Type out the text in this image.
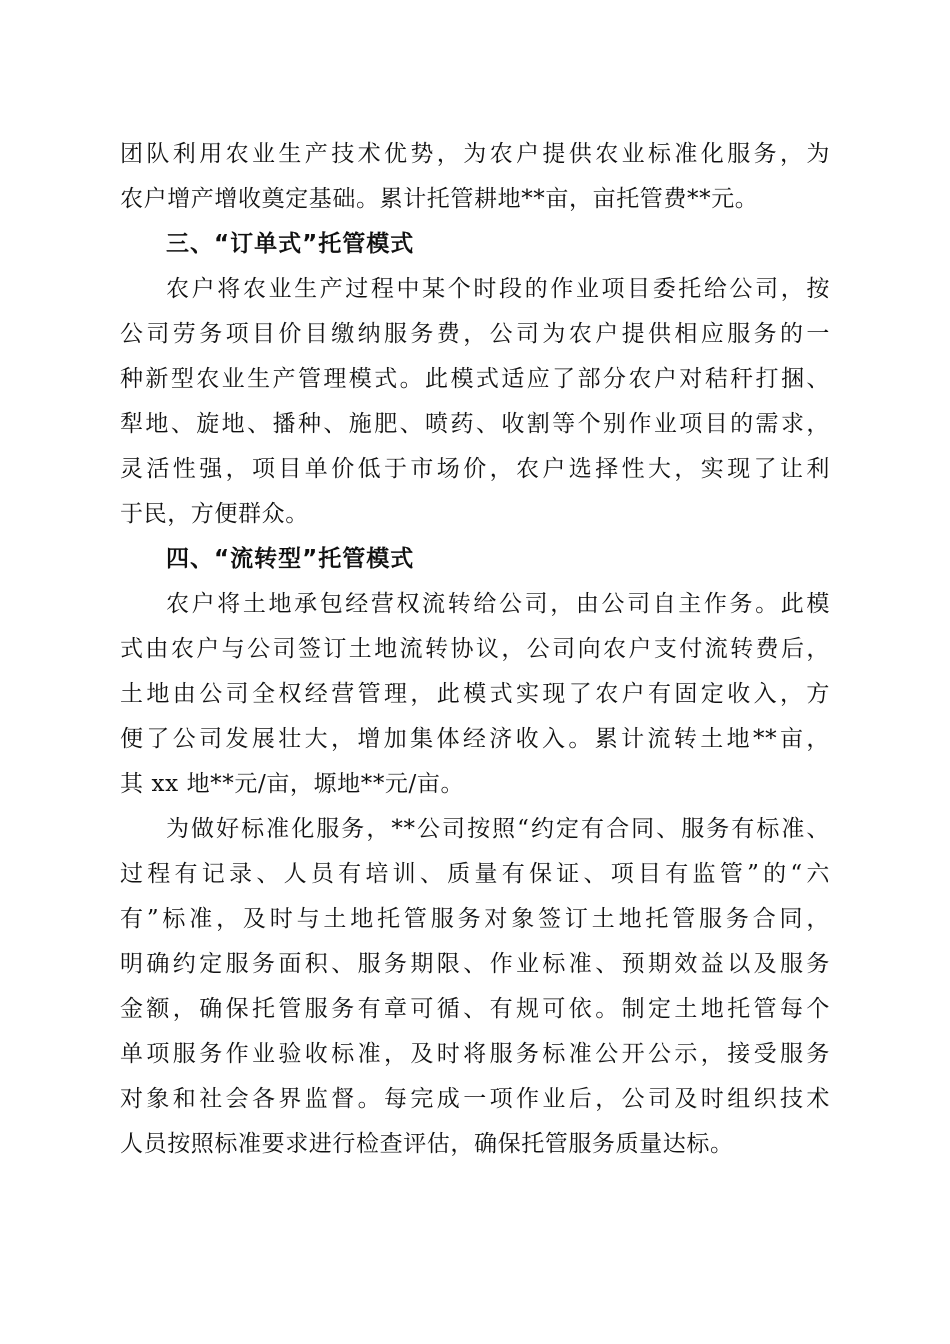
团队利用农业生产技术优势，为农户提供农业标准化服务，为
农户增产增收奠定基础。累计托管耕地**亩，亩托管费**元。
三、“订单式”托管模式
农户将农业生产过程中某个时段的作业项目委托给公司，按
公司劳务项目价目缴纳服务费，公司为农户提供相应服务的一
种新型农业生产管理模式。此模式适应了部分农户对秸秆打捆、
犁地、旋地、播种、施肥、喷药、收割等个别作业项目的需求，
灵活性强，项目单价低于市场价，农户选择性大，实现了让利
于民，方便群众。
四、“流转型”托管模式
农户将土地承包经营权流转给公司，由公司自主作务。此模
式由农户与公司签订土地流转协议，公司向农户支付流转费后，
土地由公司全权经营管理，此模式实现了农户有固定收入，方
便了公司发展壮大，增加集体经济收入。累计流转土地**亩，
其 xx 地**元/亩，塬地**元/亩。
为做好标准化服务，**公司按照“约定有合同、服务有标准、
过程有记录、人员有培训、质量有保证、项目有监管”的“六
有”标准，及时与土地托管服务对象签订土地托管服务合同，
明确约定服务面积、服务期限、作业标准、预期效益以及服务
金额，确保托管服务有章可循、有规可依。制定土地托管每个
单项服务作业验收标准，及时将服务标准公开公示，接受服务
对象和社会各界监督。每完成一项作业后，公司及时组织技术
人员按照标准要求进行检查评估，确保托管服务质量达标。
